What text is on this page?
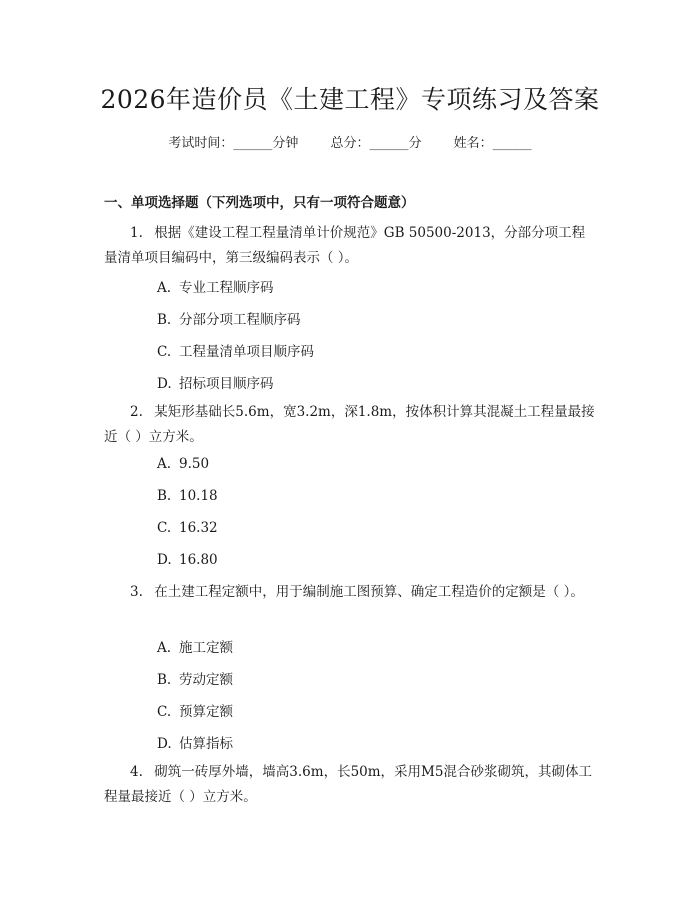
2026年造价员《土建工程》专项练习及答案
考试时间：______分钟 总分：______分 姓名：______
一、单项选择题（下列选项中，只有一项符合题意）
1. 根据《建设工程工程量清单计价规范》GB 50500-2013，分部分项工程量清单项目编码中，第三级编码表示（ ）。
A. 专业工程顺序码
B. 分部分项工程顺序码
C. 工程量清单项目顺序码
D. 招标项目顺序码
2. 某矩形基础长5.6m，宽3.2m，深1.8m，按体积计算其混凝土工程量最接近（ ）立方米。
A. 9.50
B. 10.18
C. 16.32
D. 16.80
3. 在土建工程定额中，用于编制施工图预算、确定工程造价的定额是（ ）。
A. 施工定额
B. 劳动定额
C. 预算定额
D. 估算指标
4. 砌筑一砖厚外墙，墙高3.6m，长50m，采用M5混合砂浆砌筑，其砌体工程量最接近（ ）立方米。
